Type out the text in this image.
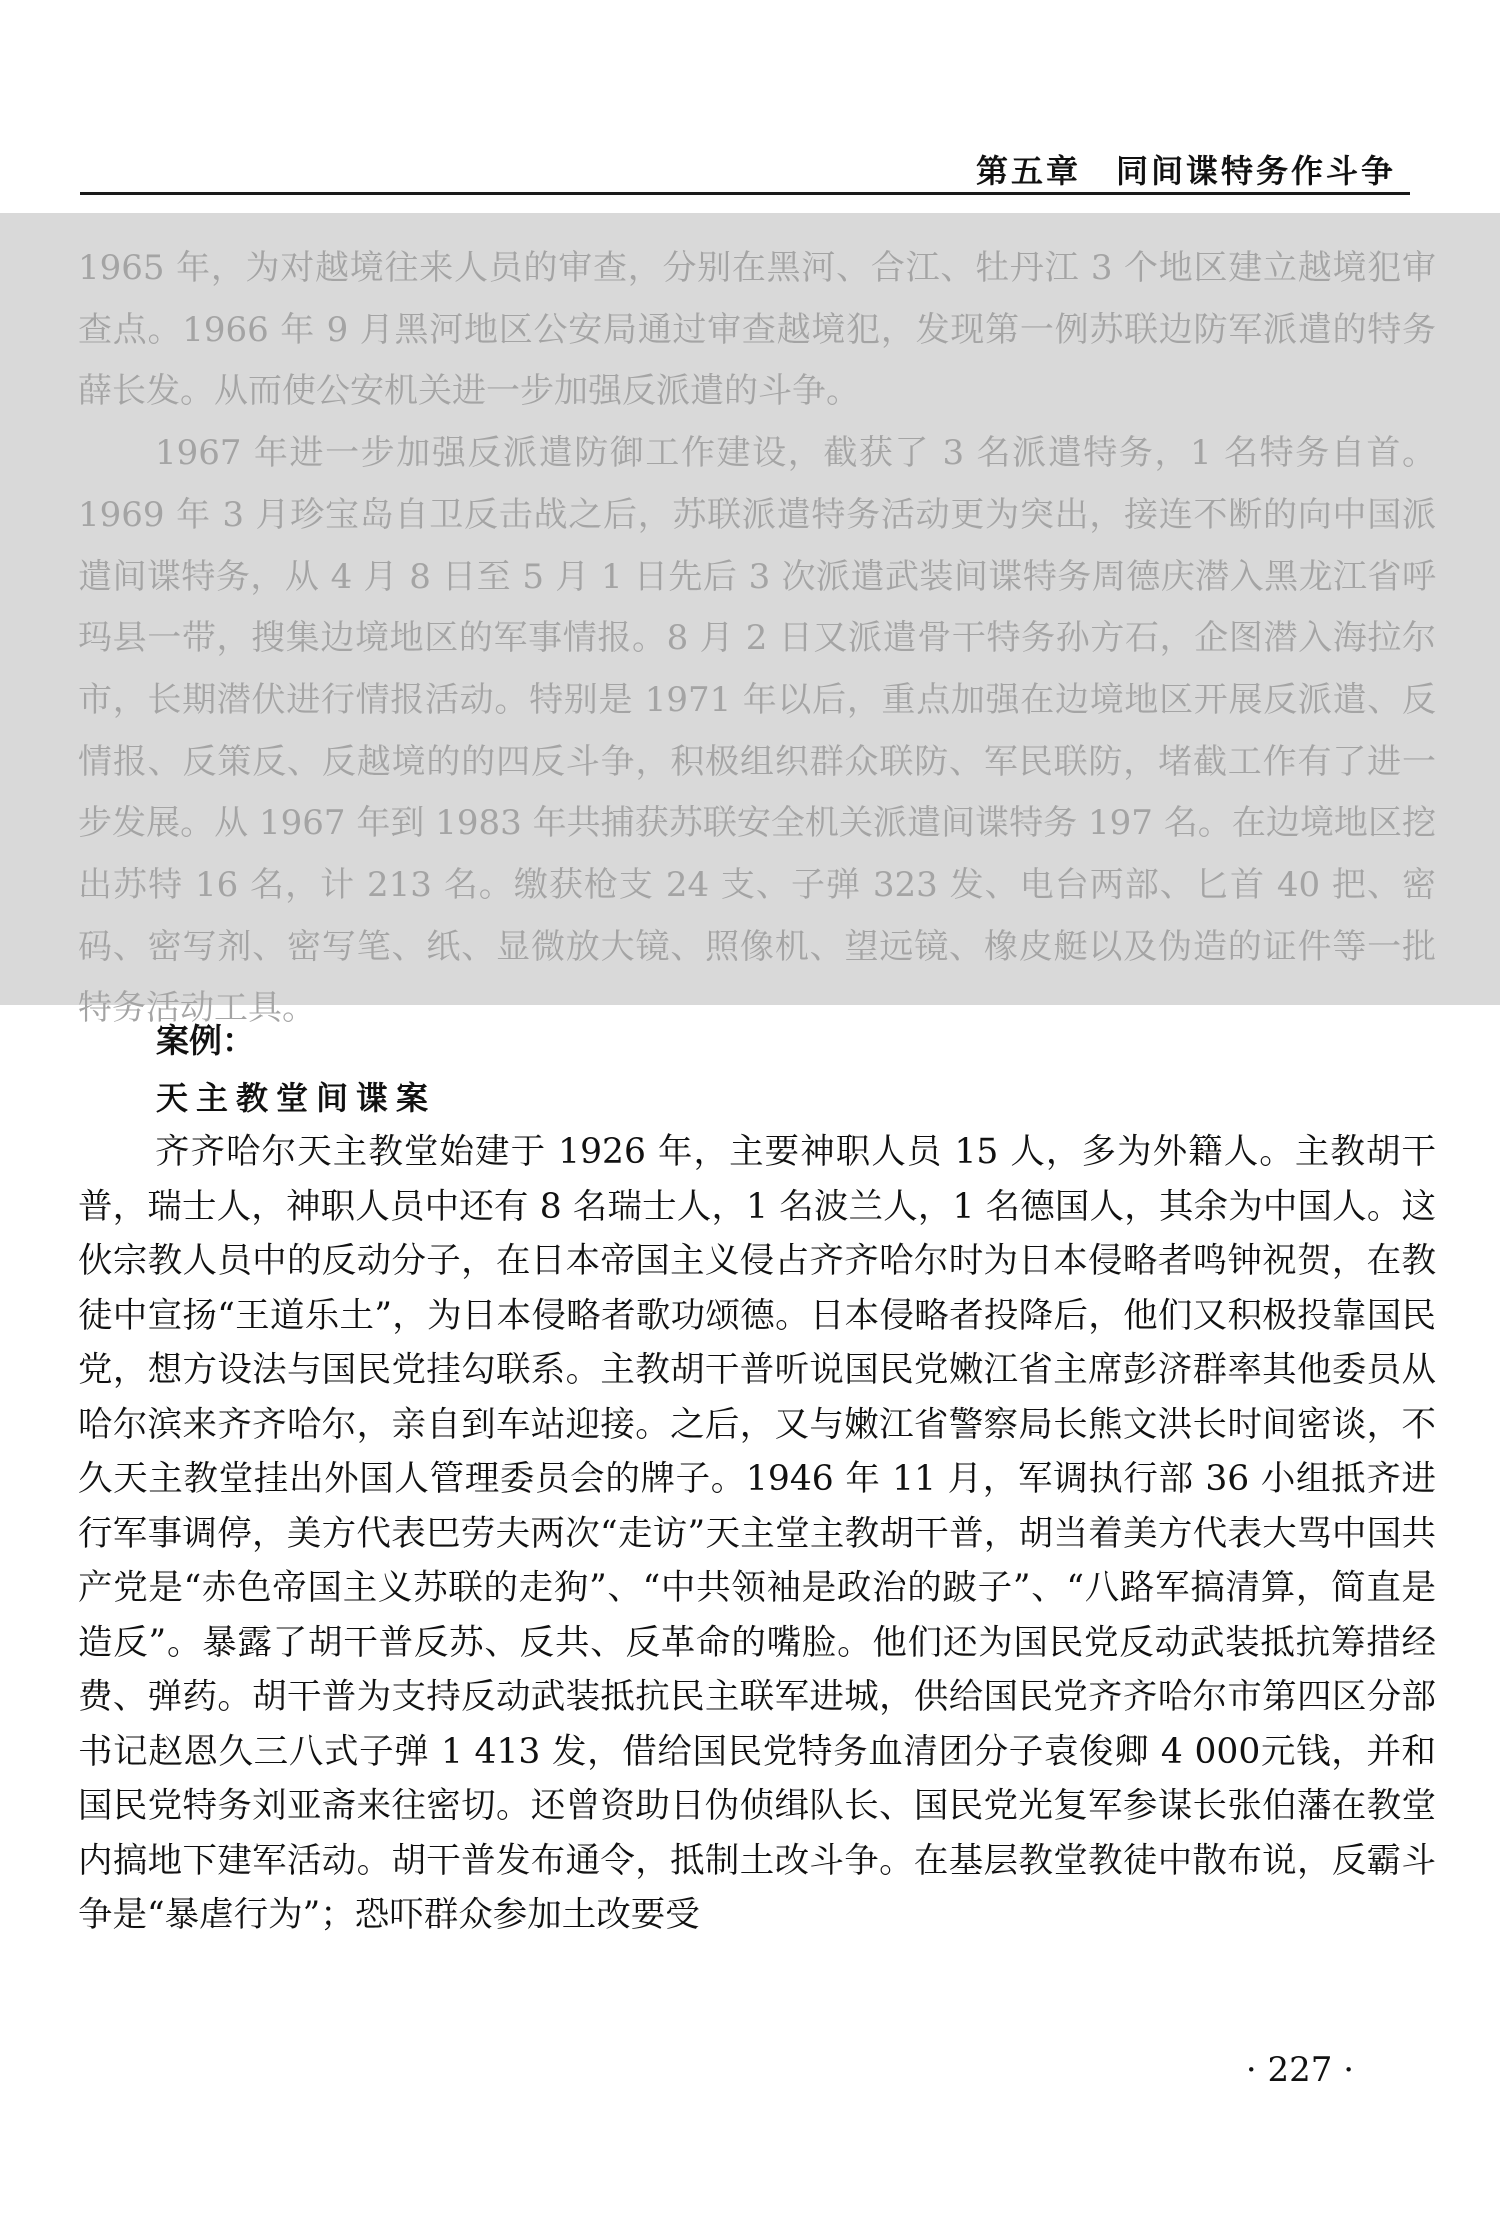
第五章　同间谍特务作斗争

1965 年，为对越境往来人员的审查，分别在黑河、合江、牡丹江 3 个地区建立越境犯审查点。1966 年 9 月黑河地区公安局通过审查越境犯，发现第一例苏联边防军派遣的特务薛长发。从而使公安机关进一步加强反派遣的斗争。

1967 年进一步加强反派遣防御工作建设，截获了 3 名派遣特务，1 名特务自首。1969 年 3 月珍宝岛自卫反击战之后，苏联派遣特务活动更为突出，接连不断的向中国派遣间谍特务，从 4 月 8 日至 5 月 1 日先后 3 次派遣武装间谍特务周德庆潜入黑龙江省呼玛县一带，搜集边境地区的军事情报。8 月 2 日又派遣骨干特务孙方石，企图潜入海拉尔市，长期潜伏进行情报活动。特别是 1971 年以后，重点加强在边境地区开展反派遣、反情报、反策反、反越境的的四反斗争，积极组织群众联防、军民联防，堵截工作有了进一步发展。从 1967 年到 1983 年共捕获苏联安全机关派遣间谍特务 197 名。在边境地区挖出苏特 16 名，计 213 名。缴获枪支 24 支、子弹 323 发、电台两部、匕首 40 把、密码、密写剂、密写笔、纸、显微放大镜、照像机、望远镜、橡皮艇以及伪造的证件等一批特务活动工具。

案例：

天主教堂间谍案

齐齐哈尔天主教堂始建于 1926 年，主要神职人员 15 人，多为外籍人。主教胡干普，瑞士人，神职人员中还有 8 名瑞士人，1 名波兰人，1 名德国人，其余为中国人。这伙宗教人员中的反动分子，在日本帝国主义侵占齐齐哈尔时为日本侵略者鸣钟祝贺，在教徒中宣扬“王道乐土”，为日本侵略者歌功颂德。日本侵略者投降后，他们又积极投靠国民党，想方设法与国民党挂勾联系。主教胡干普听说国民党嫩江省主席彭济群率其他委员从哈尔滨来齐齐哈尔，亲自到车站迎接。之后，又与嫩江省警察局长熊文洪长时间密谈，不久天主教堂挂出外国人管理委员会的牌子。1946 年 11 月，军调执行部 36 小组抵齐进行军事调停，美方代表巴劳夫两次“走访”天主堂主教胡干普，胡当着美方代表大骂中国共产党是“赤色帝国主义苏联的走狗”、“中共领袖是政治的跛子”、“八路军搞清算，简直是造反”。暴露了胡干普反苏、反共、反革命的嘴脸。他们还为国民党反动武装抵抗筹措经费、弹药。胡干普为支持反动武装抵抗民主联军进城，供给国民党齐齐哈尔市第四区分部书记赵恩久三八式子弹 1 413 发，借给国民党特务血清团分子袁俊卿 4 000元钱，并和国民党特务刘亚斋来往密切。还曾资助日伪侦缉队长、国民党光复军参谋长张伯藩在教堂内搞地下建军活动。胡干普发布通令，抵制土改斗争。在基层教堂教徒中散布说，反霸斗争是“暴虐行为”；恐吓群众参加土改要受

· 227 ·
